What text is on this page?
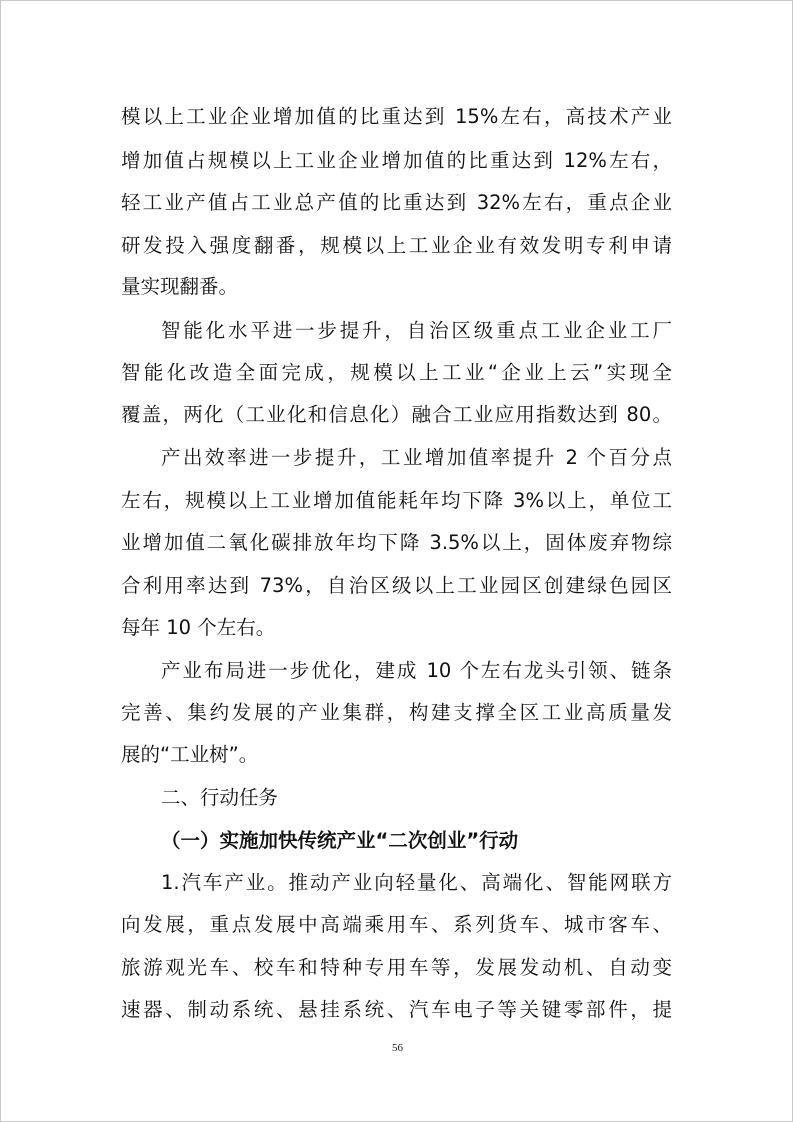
模以上工业企业增加值的比重达到 15%左右，高技术产业
增加值占规模以上工业企业增加值的比重达到 12%左右，
轻工业产值占工业总产值的比重达到 32%左右，重点企业
研发投入强度翻番，规模以上工业企业有效发明专利申请
量实现翻番。
智能化水平进一步提升，自治区级重点工业企业工厂
智能化改造全面完成，规模以上工业“企业上云”实现全
覆盖，两化（工业化和信息化）融合工业应用指数达到 80。
产出效率进一步提升，工业增加值率提升 2 个百分点
左右，规模以上工业增加值能耗年均下降 3%以上，单位工
业增加值二氧化碳排放年均下降 3.5%以上，固体废弃物综
合利用率达到 73%，自治区级以上工业园区创建绿色园区
每年 10 个左右。
产业布局进一步优化，建成 10 个左右龙头引领、链条
完善、集约发展的产业集群，构建支撑全区工业高质量发
展的“工业树”。
二、行动任务
（一）实施加快传统产业“二次创业”行动
1.汽车产业。推动产业向轻量化、高端化、智能网联方
向发展，重点发展中高端乘用车、系列货车、城市客车、
旅游观光车、校车和特种专用车等，发展发动机、自动变
速器、制动系统、悬挂系统、汽车电子等关键零部件，提
56
